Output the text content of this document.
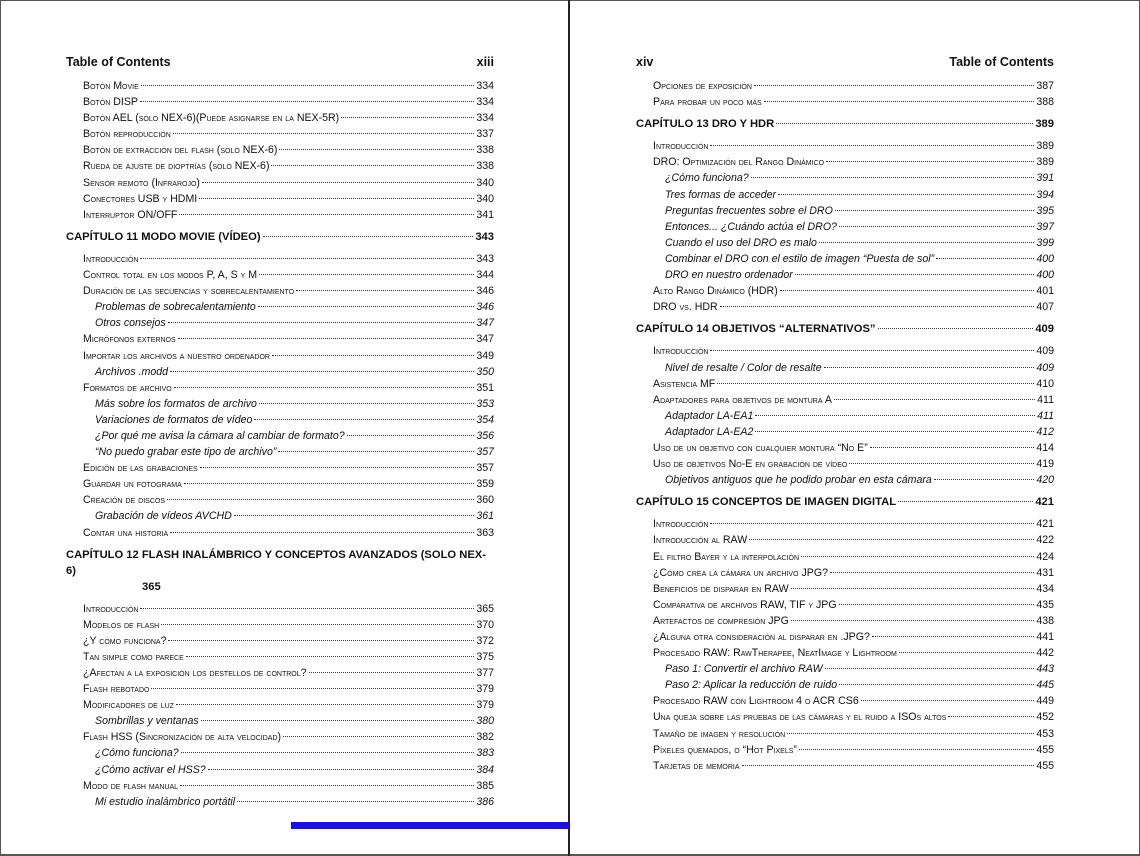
Table of Contents	xiii
Botón Movie	334
Botón DISP	334
Botón AEL (solo NEX-6)(Puede asignarse en la NEX-5R)	334
Botón reproducción	337
Botón de extracción del flash (solo NEX-6)	338
Rueda de ajuste de dioptrías (solo NEX-6)	338
Sensor remoto (Infrarojo)	340
Conectores USB y HDMI	340
Interruptor ON/OFF	341
CAPÍTULO 11 MODO MOVIE (VÍDEO)	343
Introducción	343
Control total en los modos P, A, S y M	344
Duración de las secuencias y sobrecalentamiento	346
Problemas de sobrecalentamiento	346
Otros consejos	347
Micrófonos externos	347
Importar los archivos a nuestro ordenador	349
Archivos .modd	350
Formatos de archivo	351
Más sobre los formatos de archivo	353
Variaciones de formatos de vídeo	354
¿Por qué me avisa la cámara al cambiar de formato?	356
“No puedo grabar este tipo de archivo”	357
Edición de las grabaciones	357
Guardar un fotograma	359
Creación de discos	360
Grabación de vídeos AVCHD	361
Contar una historia	363
CAPÍTULO 12 FLASH INALÁMBRICO Y CONCEPTOS AVANZADOS (SOLO NEX-6)
365
Introducción	365
Modelos de flash	370
¿Y cómo funciona?	372
Tan simple como parece	375
¿Afectan a la exposición los destellos de control?	377
Flash rebotado	379
Modificadores de luz	379
Sombrillas y ventanas	380
Flash HSS (Sincronización de alta velocidad)	382
¿Cómo funciona?	383
¿Cómo activar el HSS?	384
Modo de flash manual	385
Mi estudio inalámbrico portátil	386
xiv	Table of Contents
Opciones de exposición	387
Para probar un poco más	388
CAPÍTULO 13 DRO Y HDR	389
Introducción	389
DRO: Optimización del Rango Dinámico	389
¿Cómo funciona?	391
Tres formas de acceder	394
Preguntas frecuentes sobre el DRO	395
Entonces... ¿Cuándo actúa el DRO?	397
Cuando el uso del DRO es malo	399
Combinar el DRO con el estilo de imagen “Puesta de sol”	400
DRO en nuestro ordenador	400
Alto Rango Dinámico (HDR)	401
DRO vs. HDR	407
CAPÍTULO 14 OBJETIVOS “ALTERNATIVOS”	409
Introducción	409
Nivel de resalte / Color de resalte	409
Asistencia MF	410
Adaptadores para objetivos de montura A	411
Adaptador LA-EA1	411
Adaptador LA-EA2	412
Uso de un objetivo con cualquier montura “No E”	414
Uso de objetivos No-E en grabación de vídeo	419
Objetivos antiguos que he podido probar en esta cámara	420
CAPÍTULO 15 CONCEPTOS DE IMAGEN DIGITAL	421
Introducción	421
Introducción al RAW	422
El filtro Bayer y la interpolación	424
¿Cómo crea la cámara un archivo JPG?	431
Beneficios de disparar en RAW	434
Comparativa de archivos RAW, TIF y JPG	435
Artefactos de compresión JPG	438
¿Alguna otra consideración al disparar en .JPG?	441
Procesado RAW: RawTherapee, NeatImage y Lightroom	442
Paso 1: Convertir el archivo RAW	443
Paso 2: Aplicar la reducción de ruido	445
Procesado RAW con Lightroom 4 o ACR CS6	449
Una queja sobre las pruebas de las cámaras y el ruido a ISOs altos	452
Tamaño de imagen y resolución	453
Píxeles quemados, o “Hot Pixels”	455
Tarjetas de memoria	455
